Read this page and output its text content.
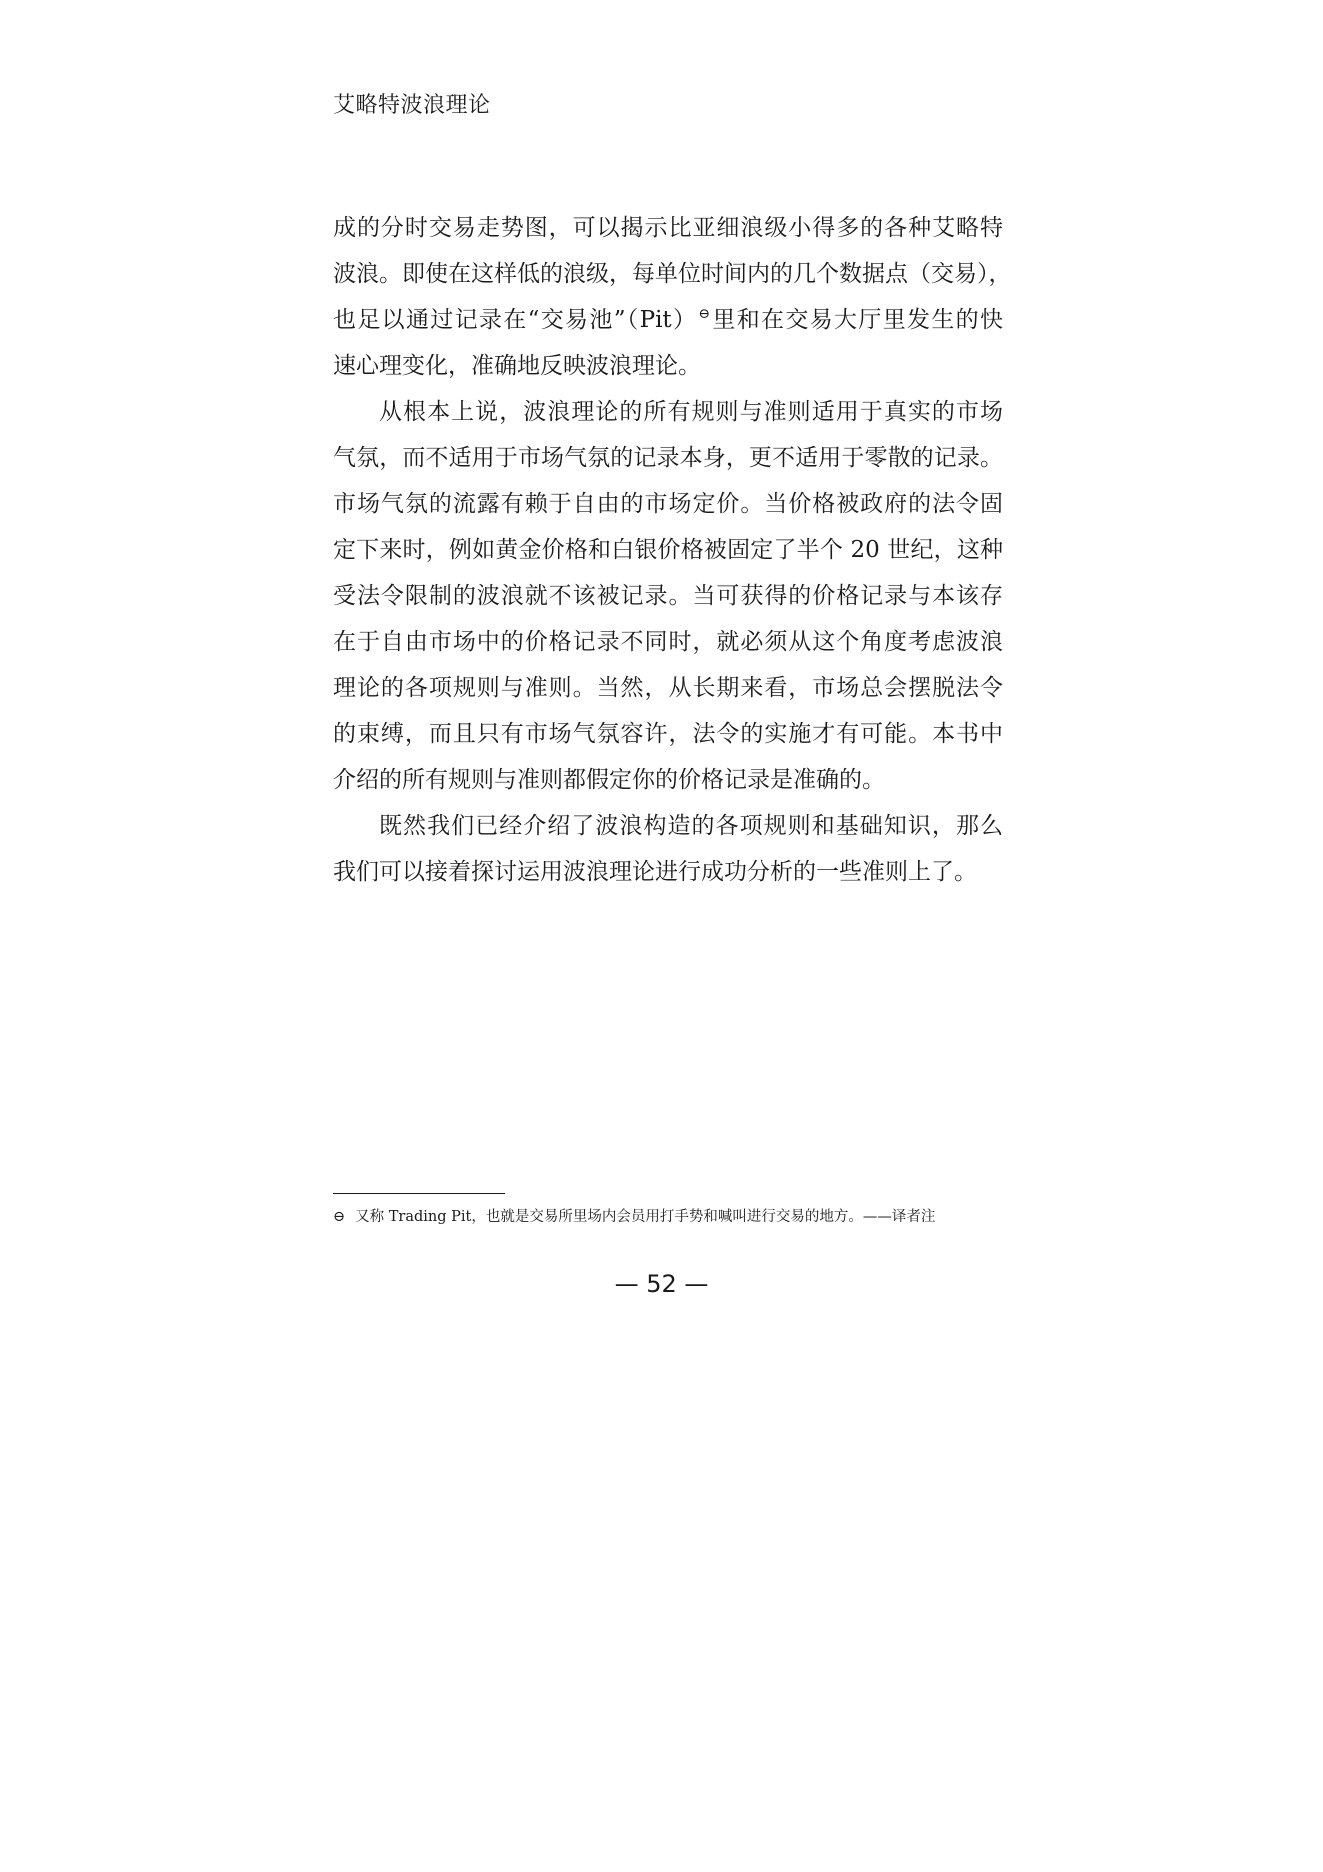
艾略特波浪理论
成的分时交易走势图，可以揭示比亚细浪级小得多的各种艾略特
波浪。即使在这样低的浪级，每单位时间内的几个数据点（交易），
也足以通过记录在“交易池”（Pit）⊖里和在交易大厅里发生的快
速心理变化，准确地反映波浪理论。
从根本上说，波浪理论的所有规则与准则适用于真实的市场
气氛，而不适用于市场气氛的记录本身，更不适用于零散的记录。
市场气氛的流露有赖于自由的市场定价。当价格被政府的法令固
定下来时，例如黄金价格和白银价格被固定了半个 20 世纪，这种
受法令限制的波浪就不该被记录。当可获得的价格记录与本该存
在于自由市场中的价格记录不同时，就必须从这个角度考虑波浪
理论的各项规则与准则。当然，从长期来看，市场总会摆脱法令
的束缚，而且只有市场气氛容许，法令的实施才有可能。本书中
介绍的所有规则与准则都假定你的价格记录是准确的。
既然我们已经介绍了波浪构造的各项规则和基础知识，那么
我们可以接着探讨运用波浪理论进行成功分析的一些准则上了。
⊖ 又称 Trading Pit，也就是交易所里场内会员用打手势和喊叫进行交易的地方。——译者注
— 52 —
